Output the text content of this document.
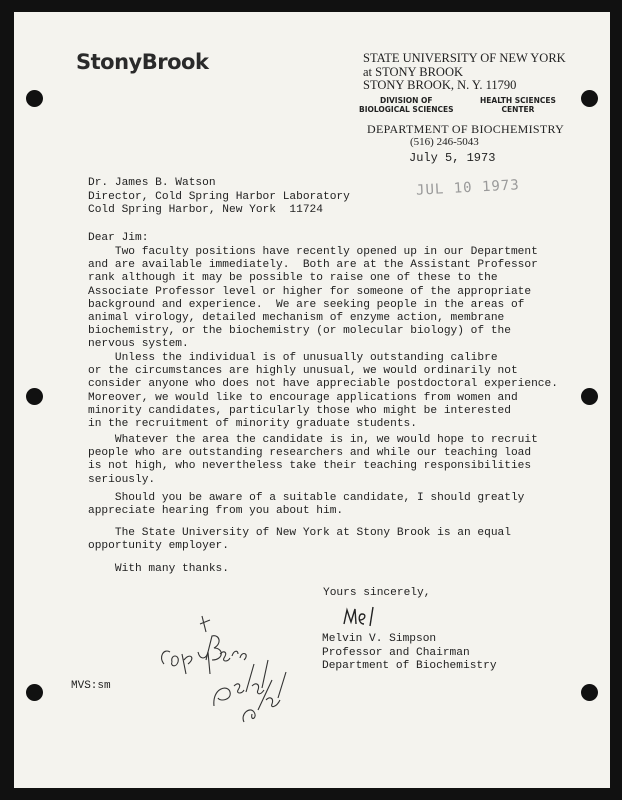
StonyBrook	STATE UNIVERSITY OF NEW YORK
at STONY BROOK
STONY BROOK, N. Y. 11790
DIVISION OF
BIOLOGICAL SCIENCES
HEALTH SCIENCES
CENTER
DEPARTMENT OF BIOCHEMISTRY
(516) 246-5043
July 5, 1973
JUL 10 1973
Dr. James B. Watson
Director, Cold Spring Harbor Laboratory
Cold Spring Harbor, New York  11724
Dear Jim:
Two faculty positions have recently opened up in our Department
and are available immediately.  Both are at the Assistant Professor
rank although it may be possible to raise one of these to the
Associate Professor level or higher for someone of the appropriate
background and experience.  We are seeking people in the areas of
animal virology, detailed mechanism of enzyme action, membrane
biochemistry, or the biochemistry (or molecular biology) of the
nervous system.
Unless the individual is of unusually outstanding calibre
or the circumstances are highly unusual, we would ordinarily not
consider anyone who does not have appreciable postdoctoral experience.
Moreover, we would like to encourage applications from women and
minority candidates, particularly those who might be interested
in the recruitment of minority graduate students.
Whatever the area the candidate is in, we would hope to recruit
people who are outstanding researchers and while our teaching load
is not high, who nevertheless take their teaching responsibilities
seriously.
Should you be aware of a suitable candidate, I should greatly
appreciate hearing from you about him.
The State University of New York at Stony Brook is an equal
opportunity employer.
With many thanks.
Yours sincerely,
Melvin V. Simpson
Professor and Chairman
Department of Biochemistry
MVS:sm
